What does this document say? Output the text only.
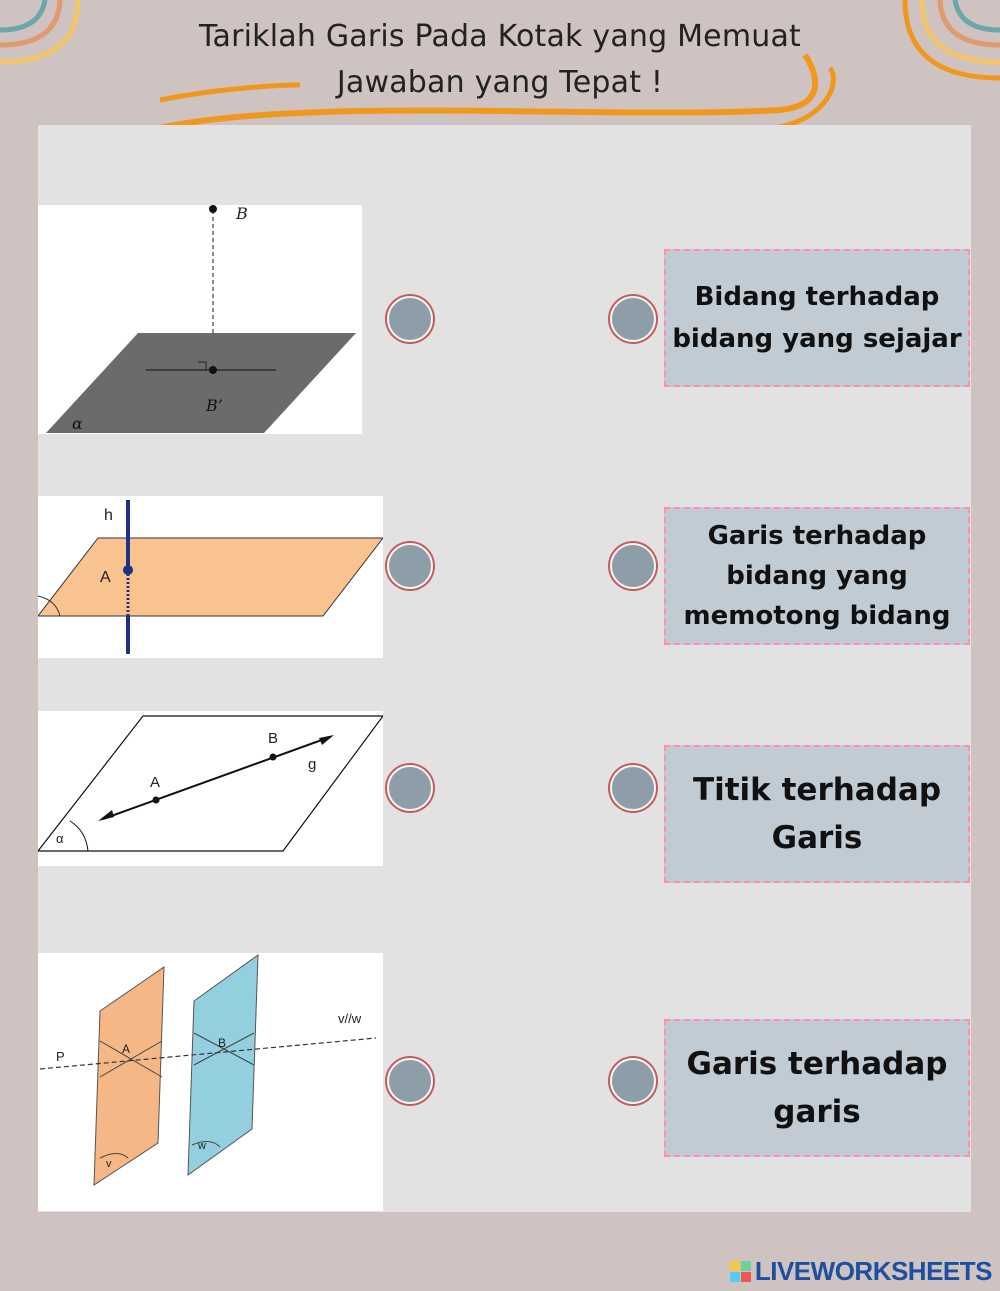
Tariklah Garis Pada Kotak yang Memuat
Jawaban yang Tepat !
B
B’
α
h
A
A
B
g
α
P
v//w
A	B
v
w
Bidang terhadap bidang yang sejajar
Garis terhadap bidang yang memotong bidang
Titik terhadap Garis
Garis terhadap garis
LIVEWORKSHEETS
